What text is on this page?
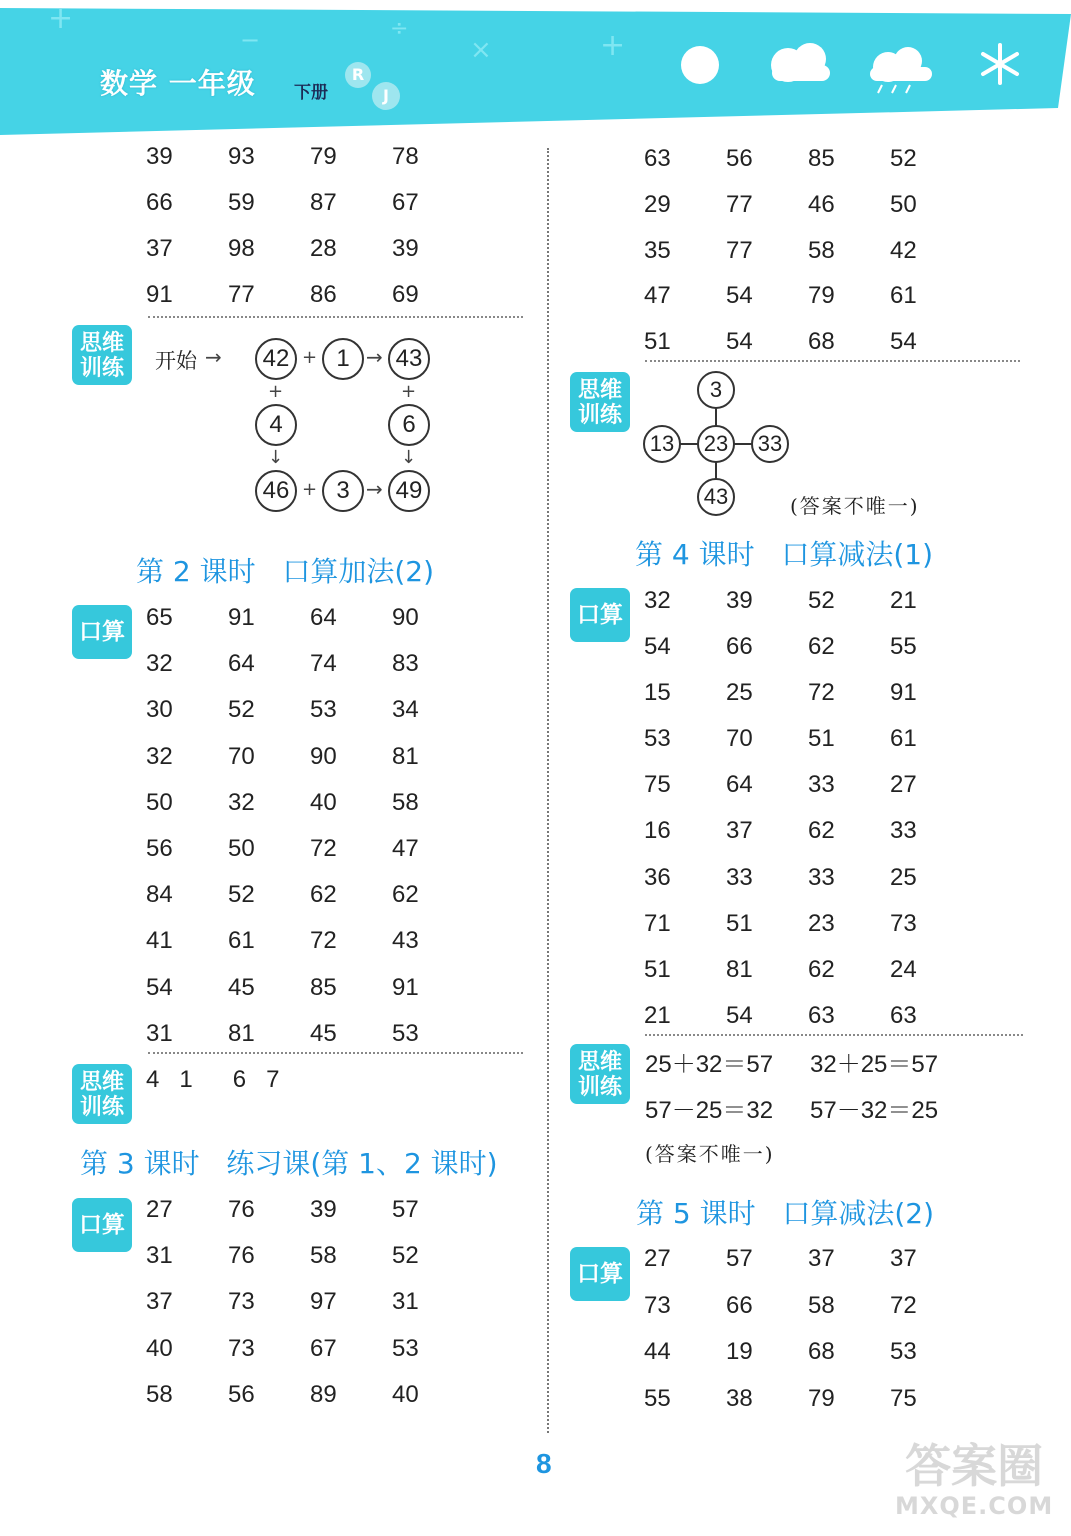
+
−	×	+
÷
数学 一年级 下册
R
J
39	93	79	78
66	59	87	67
37	98	28	39
91	77	86	69
思维
训练	开始 →	42 + 1 → 43
+	+
4	6
↓	↓
46 + 3 → 49
第 2 课时 口算加法(2)
口算
65	91	64	90
32	64	74	83
30	52	53	34
32	70	90	81
50	32	40	58
56	50	72	47
84	52	62	62
41	61	72	43
54	45	85	91
31	81	45	53
思维
训练
4 1 6 7
第 3 课时 练习课(第 1、2 课时)
口算
27	76	39	57
31	76	58	52
37	73	97	31
40	73	67	53
58	56	89	40
63	56	85	52
29	77	46	50
35	77	58	42
47	54	79	61
51	54	68	54
思维
训练
3
13	23	33
43	(答案不唯一)
第 4 课时 口算减法(1)
口算
32	39	52	21
54	66	62	55
15	25	72	91
53	70	51	61
75	64	33	27
16	37	62	33
36	33	33	25
71	51	23	73
51	81	62	24
21	54	63	63
思维
训练
25＋32＝57 32＋25＝57
57－25＝32 57－32＝25
(答案不唯一)
第 5 课时 口算减法(2)
口算
27	57	37	37
73	66	58	72
44	19	68	53
55	38	79	75
8	答案圈
MXQE.COM
